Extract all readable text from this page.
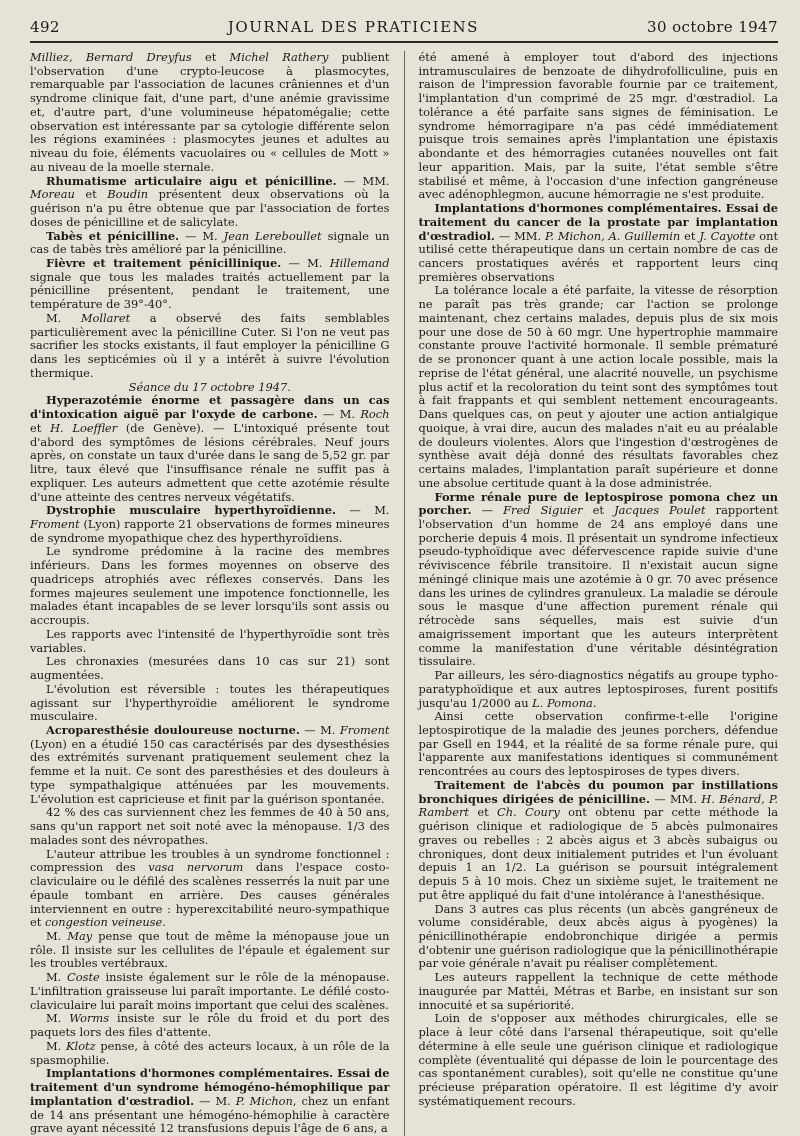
492	JOURNAL DES PRATICIENS	30 octobre 1947

Milliez, Bernard Dreyfus et Michel Rathery publient l'observation d'une crypto-leucose à plasmocytes, remarquable par l'association de lacunes crâniennes et d'un syndrome clinique fait, d'une part, d'une anémie gravissime et, d'autre part, d'une volumineuse hépatomégalie; cette observation est intéressante par sa cytologie différente selon les régions examinées : plasmocytes jeunes et adultes au niveau du foie, éléments vacuolaires ou « cellules de Mott » au niveau de la moelle sternale.

Rhumatisme articulaire aigu et pénicilline. — MM. Moreau et Boudin présentent deux observations où la guérison n'a pu être obtenue que par l'association de fortes doses de pénicilline et de salicylate.

Tabès et pénicilline. — M. Jean Lereboullet signale un cas de tabès très amélioré par la pénicilline.

Fièvre et traitement pénicillinique. — M. Hillemand signale que tous les malades traités actuellement par la pénicilline présentent, pendant le traitement, une température de 39°-40°.

M. Mollaret a observé des faits semblables particulièrement avec la pénicilline Cuter. Si l'on ne veut pas sacrifier les stocks existants, il faut employer la pénicilline G dans les septicémies où il y a intérêt à suivre l'évolution thermique.

Séance du 17 octobre 1947.

Hyperazotémie énorme et passagère dans un cas d'intoxication aiguë par l'oxyde de carbone. — M. Roch et H. Loeffler (de Genève). — L'intoxiqué présente tout d'abord des symptômes de lésions cérébrales. Neuf jours après, on constate un taux d'urée dans le sang de 5,52 gr. par litre, taux élevé que l'insuffisance rénale ne suffit pas à expliquer. Les auteurs admettent que cette azotémie résulte d'une atteinte des centres nerveux végétatifs.

Dystrophie musculaire hyperthyroïdienne. — M. Froment (Lyon) rapporte 21 observations de formes mineures de syndrome myopathique chez des hyperthyroïdiens.

Le syndrome prédomine à la racine des membres inférieurs. Dans les formes moyennes on observe des quadriceps atrophiés avec réflexes conservés. Dans les formes majeures seulement une impotence fonctionnelle, les malades étant incapables de se lever lorsqu'ils sont assis ou accroupis.

Les rapports avec l'intensité de l'hyperthyroïdie sont très variables.

Les chronaxies (mesurées dans 10 cas sur 21) sont augmentées.

L'évolution est réversible : toutes les thérapeutiques agissant sur l'hyperthyroïdie améliorent le syndrome musculaire.

Acroparesthésie douloureuse nocturne. — M. Froment (Lyon) en a étudié 150 cas caractérisés par des dysesthésies des extrémités survenant pratiquement seulement chez la femme et la nuit. Ce sont des paresthésies et des douleurs à type sympathalgique atténuées par les mouvements. L'évolution est capricieuse et finit par la guérison spontanée.

42 % des cas surviennent chez les femmes de 40 à 50 ans, sans qu'un rapport net soit noté avec la ménopause. 1/3 des malades sont des névropathes.

L'auteur attribue les troubles à un syndrome fonctionnel : compression des vasa nervorum dans l'espace costo-claviculaire ou le défilé des scalènes resserrés la nuit par une épaule tombant en arrière. Des causes générales interviennent en outre : hyperexcitabilité neuro-sympathique et congestion veineuse.

M. May pense que tout de même la ménopause joue un rôle. Il insiste sur les cellulites de l'épaule et également sur les troubles vertébraux.

M. Coste insiste également sur le rôle de la ménopause. L'infiltration graisseuse lui paraît importante. Le défilé costo-claviculaire lui paraît moins important que celui des scalènes.

M. Worms insiste sur le rôle du froid et du port des paquets lors des files d'attente.

M. Klotz pense, à côté des acteurs locaux, à un rôle de la spasmophilie.

Implantations d'hormones complémentaires. Essai de traitement d'un syndrome hémogéno-hémophilique par implantation d'œstradiol. — M. P. Michon, chez un enfant de 14 ans présentant une hémogéno-hémophilie à caractère grave ayant nécessité 12 transfusions depuis l'âge de 6 ans, a

été amené à employer tout d'abord des injections intramusculaires de benzoate de dihydrofolliculine, puis en raison de l'impression favorable fournie par ce traitement, l'implantation d'un comprimé de 25 mgr. d'œstradiol. La tolérance a été parfaite sans signes de féminisation. Le syndrome hémorragipare n'a pas cédé immédiatement puisque trois semaines après l'implantation une épistaxis abondante et des hémorragies cutanées nouvelles ont fait leur apparition. Mais, par la suite, l'état semble s'être stabilisé et même, à l'occasion d'une infection gangréneuse avec adénophlegmon, aucune hémorragie ne s'est produite.

Implantations d'hormones complémentaires. Essai de traitement du cancer de la prostate par implantation d'œstradiol. — MM. P. Michon, A. Guillemin et J. Cayotte ont utilisé cette thérapeutique dans un certain nombre de cas de cancers prostatiques avérés et rapportent leurs cinq premières observations

La tolérance locale a été parfaite, la vitesse de résorption ne paraît pas très grande; car l'action se prolonge maintenant, chez certains malades, depuis plus de six mois pour une dose de 50 à 60 mgr. Une hypertrophie mammaire constante prouve l'activité hormonale. Il semble prématuré de se prononcer quant à une action locale possible, mais la reprise de l'état général, une alacrité nouvelle, un psychisme plus actif et la recoloration du teint sont des symptômes tout à fait frappants et qui semblent nettement encourageants. Dans quelques cas, on peut y ajouter une action antialgique quoique, à vrai dire, aucun des malades n'ait eu au préalable de douleurs violentes. Alors que l'ingestion d'œstrogènes de synthèse avait déjà donné des résultats favorables chez certains malades, l'implantation paraît supérieure et donne une absolue certitude quant à la dose administrée.

Forme rénale pure de leptospirose pomona chez un porcher. — Fred Siguier et Jacques Poulet rapportent l'observation d'un homme de 24 ans employé dans une porcherie depuis 4 mois. Il présentait un syndrome infectieux pseudo-typhoïdique avec défervescence rapide suivie d'une réviviscence fébrile transitoire. Il n'existait aucun signe méningé clinique mais une azotémie à 0 gr. 70 avec présence dans les urines de cylindres granuleux. La maladie se déroule sous le masque d'une affection purement rénale qui rétrocède sans séquelles, mais est suivie d'un amaigrissement important que les auteurs interprètent comme la manifestation d'une véritable désintégration tissulaire.

Par ailleurs, les séro-diagnostics négatifs au groupe typho-paratyphoïdique et aux autres leptospiroses, furent positifs jusqu'au 1/2000 au L. Pomona.

Ainsi cette observation confirme-t-elle l'origine leptospirotique de la maladie des jeunes porchers, défendue par Gsell en 1944, et la réalité de sa forme rénale pure, qui l'apparente aux manifestations identiques si communément rencontrées au cours des leptospiroses de types divers.

Traitement de l'abcès du poumon par instillations bronchiques dirigées de pénicilline. — MM. H. Bénard, P. Rambert et Ch. Coury ont obtenu par cette méthode la guérison clinique et radiologique de 5 abcès pulmonaires graves ou rebelles : 2 abcès aigus et 3 abcès subaigus ou chroniques, dont deux initialement putrides et l'un évoluant depuis 1 an 1/2. La guérison se poursuit intégralement depuis 5 à 10 mois. Chez un sixième sujet, le traitement ne put être appliqué du fait d'une intolérance à l'anesthésique.

Dans 3 autres cas plus récents (un abcès gangréneux de volume considérable, deux abcès aigus à pyogènes) la pénicillinothérapie endobronchique dirigée a permis d'obtenir une guérison radiologique que la pénicillinothérapie par voie générale n'avait pu réaliser complètement.

Les auteurs rappellent la technique de cette méthode inaugurée par Mattéi, Métras et Barbe, en insistant sur son innocuité et sa supériorité.

Loin de s'opposer aux méthodes chirurgicales, elle se place à leur côté dans l'arsenal thérapeutique, soit qu'elle détermine à elle seule une guérison clinique et radiologique complète (éventualité qui dépasse de loin le pourcentage des cas spontanément curables), soit qu'elle ne constitue qu'une précieuse préparation opératoire. Il est légitime d'y avoir systématiquement recours.
